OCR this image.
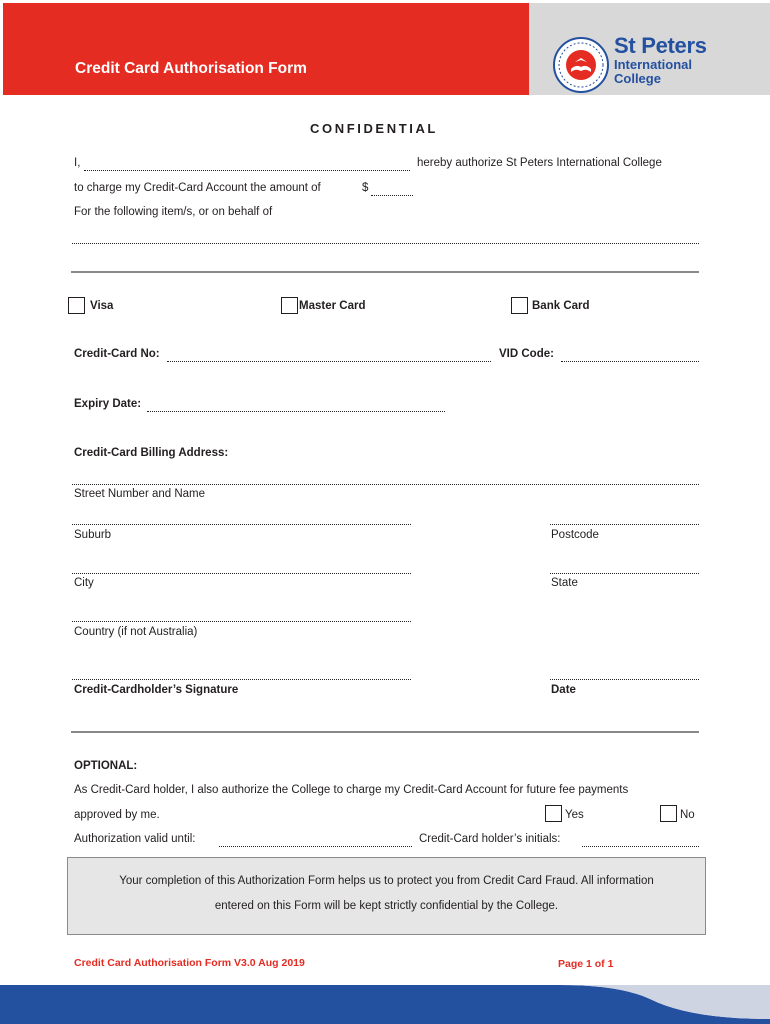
Credit Card Authorisation Form
St Peters
International
College
CONFIDENTIAL
I,	hereby authorize St Peters International College
to charge my Credit-Card Account the amount of	$
For the following item/s, or on behalf of
Visa	Master Card	Bank Card
Credit-Card No:	VID Code:
Expiry Date:
Credit-Card Billing Address:
Street Number and Name
Suburb	Postcode
City	State
Country (if not Australia)
Credit-Cardholder’s Signature	Date
OPTIONAL:
As Credit-Card holder, I also authorize the College to charge my Credit-Card Account for future fee payments
approved by me.	Yes	No
Authorization valid until:	Credit-Card holder’s initials:
Your completion of this Authorization Form helps us to protect you from Credit Card Fraud. All information
entered on this Form will be kept strictly confidential by the College.
Credit Card Authorisation Form V3.0 Aug 2019	Page 1 of 1
